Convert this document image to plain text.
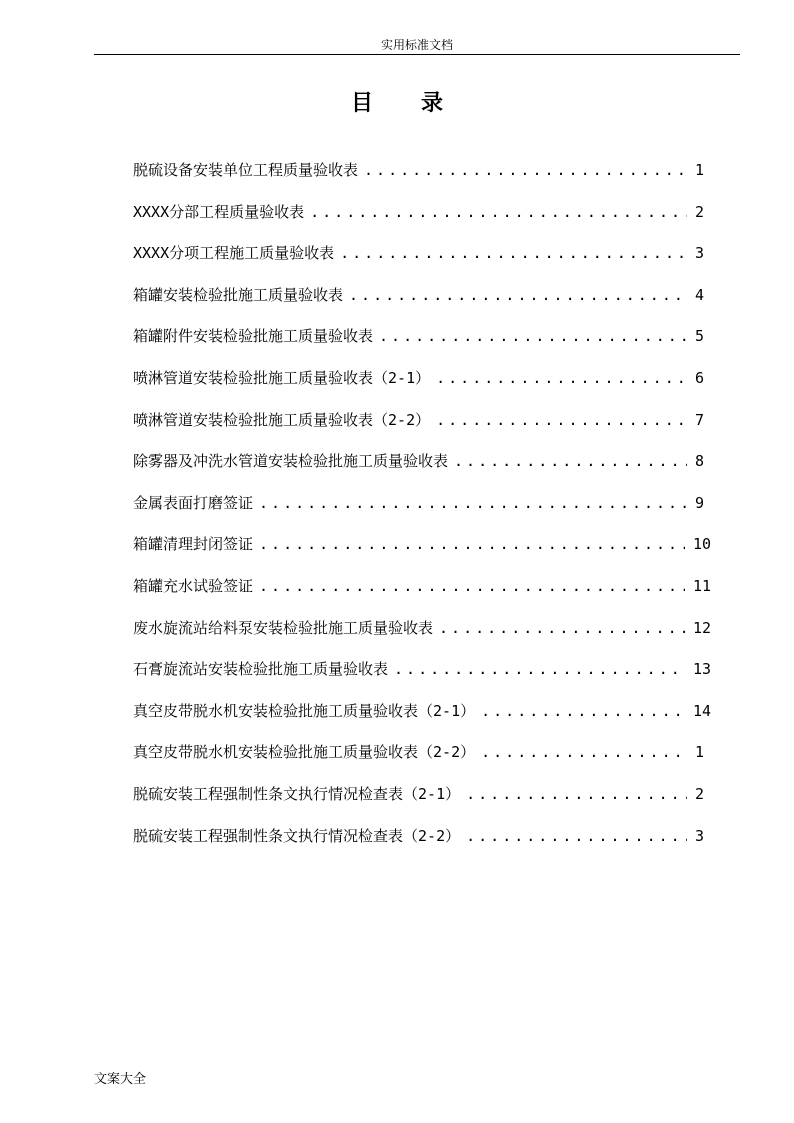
实用标准文档
目录
脱硫设备安装单位工程质量验收表 .....	1
XXXX分部工程质量验收表 .....	2
XXXX分项工程施工质量验收表 .....	3
箱罐安装检验批施工质量验收表 .....	4
箱罐附件安装检验批施工质量验收表 .....	5
喷淋管道安装检验批施工质量验收表（2-1） .....	6
喷淋管道安装检验批施工质量验收表（2-2） .....	7
除雾器及冲洗水管道安装检验批施工质量验收表 .....	8
金属表面打磨签证 .....	9
箱罐清理封闭签证 .....	10
箱罐充水试验签证 .....	11
废水旋流站给料泵安装检验批施工质量验收表 .....	12
石膏旋流站安装检验批施工质量验收表 .....	13
真空皮带脱水机安装检验批施工质量验收表（2-1） .....	14
真空皮带脱水机安装检验批施工质量验收表（2-2） .....	1
脱硫安装工程强制性条文执行情况检查表（2-1） .....	2
脱硫安装工程强制性条文执行情况检查表（2-2） .....	3
文案大全
